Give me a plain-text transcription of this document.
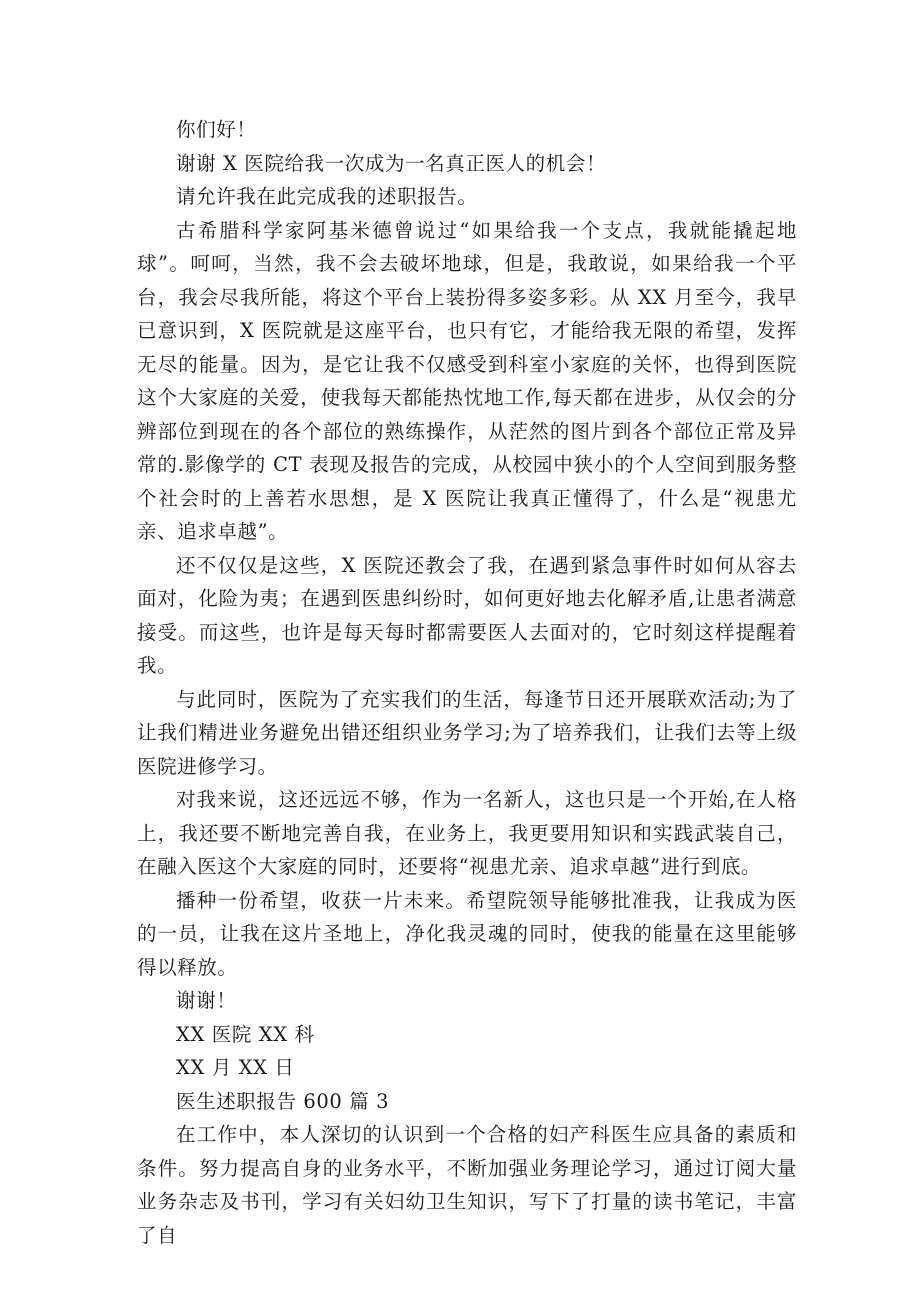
你们好！

谢谢 X 医院给我一次成为一名真正医人的机会！

请允许我在此完成我的述职报告。

古希腊科学家阿基米德曾说过“如果给我一个支点，我就能撬起地球”。呵呵，当然，我不会去破坏地球，但是，我敢说，如果给我一个平台，我会尽我所能，将这个平台上装扮得多姿多彩。从 XX 月至今，我早已意识到，X 医院就是这座平台，也只有它，才能给我无限的希望，发挥无尽的能量。因为，是它让我不仅感受到科室小家庭的关怀，也得到医院这个大家庭的关爱，使我每天都能热忱地工作,每天都在进步，从仅会的分辨部位到现在的各个部位的熟练操作，从茫然的图片到各个部位正常及异常的.影像学的 CT 表现及报告的完成，从校园中狭小的个人空间到服务整个社会时的上善若水思想，是 X 医院让我真正懂得了，什么是“视患尤亲、追求卓越”。

还不仅仅是这些，X 医院还教会了我，在遇到紧急事件时如何从容去面对，化险为夷；在遇到医患纠纷时，如何更好地去化解矛盾,让患者满意接受。而这些，也许是每天每时都需要医人去面对的，它时刻这样提醒着我。

与此同时，医院为了充实我们的生活，每逢节日还开展联欢活动;为了让我们精进业务避免出错还组织业务学习;为了培养我们，让我们去等上级医院进修学习。

对我来说，这还远远不够，作为一名新人，这也只是一个开始,在人格上，我还要不断地完善自我，在业务上，我更要用知识和实践武装自己，在融入医这个大家庭的同时，还要将“视患尤亲、追求卓越”进行到底。

播种一份希望，收获一片未来。希望院领导能够批准我，让我成为医的一员，让我在这片圣地上，净化我灵魂的同时，使我的能量在这里能够得以释放。

谢谢！

XX 医院 XX 科

XX 月 XX 日

医生述职报告 600 篇 3

在工作中，本人深切的认识到一个合格的妇产科医生应具备的素质和条件。努力提高自身的业务水平，不断加强业务理论学习，通过订阅大量业务杂志及书刊，学习有关妇幼卫生知识，写下了打量的读书笔记，丰富了自
